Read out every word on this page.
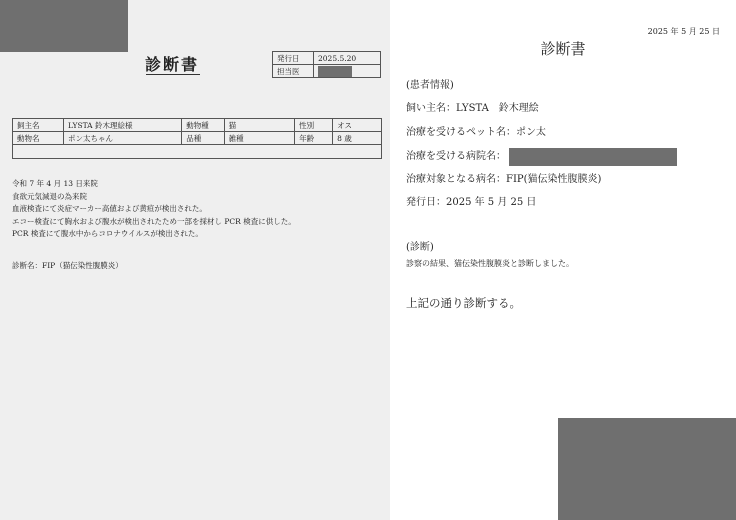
診断書	発行日	2025.5.20
担当医	
飼主名	LYSTA 鈴木理絵様	動物種	猫	性別	オス
動物名	ポン太ちゃん	品種	雑種	年齢	8 歳

令和 7 年 4 月 13 日来院
食欲元気減退の為来院
血液検査にて炎症マーカー高値および黄疸が検出された。
エコー検査にて胸水および腹水が検出されたため一部を採材し PCR 検査に供した。
PCR 検査にて腹水中からコロナウイルスが検出された。
診断名：FIP（猫伝染性腹膜炎）
2025 年 5 月 25 日
診断書
(患者情報)
飼い主名：LYSTA　鈴木理絵
治療を受けるペット名：ポン太
治療を受ける病院名：
治療対象となる病名：FIP(猫伝染性腹膜炎)
発行日：2025 年 5 月 25 日
(診断)
診察の結果、猫伝染性腹膜炎と診断しました。
上記の通り診断する。
